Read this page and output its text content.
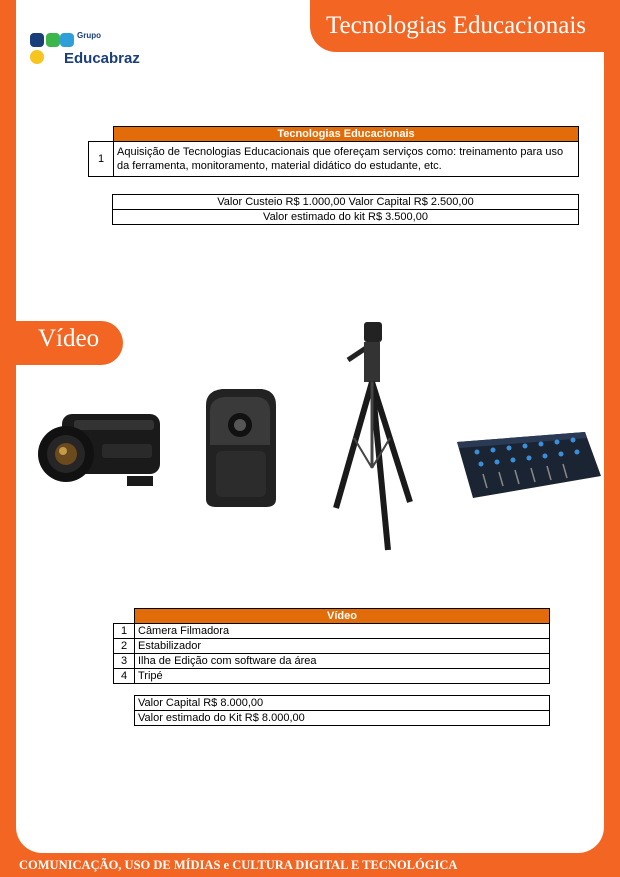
Tecnologias Educacionais
Grupo
Educabraz
	Tecnologias Educacionais
1	Aquisição de Tecnologias Educacionais que ofereçam serviços como: treinamento para uso da ferramenta, monitoramento, material didático do estudante, etc.
Valor Custeio R$ 1.000,00 Valor Capital R$ 2.500,00
Valor estimado do kit R$ 3.500,00
Vídeo
	Vídeo
1	Câmera Filmadora
2	Estabilizador
3	Ilha de Edição com software da área
4	Tripé
Valor Capital R$ 8.000,00
Valor estimado do Kit R$ 8.000,00
COMUNICAÇÃO, USO DE MÍDIAS e CULTURA DIGITAL E TECNOLÓGICA
